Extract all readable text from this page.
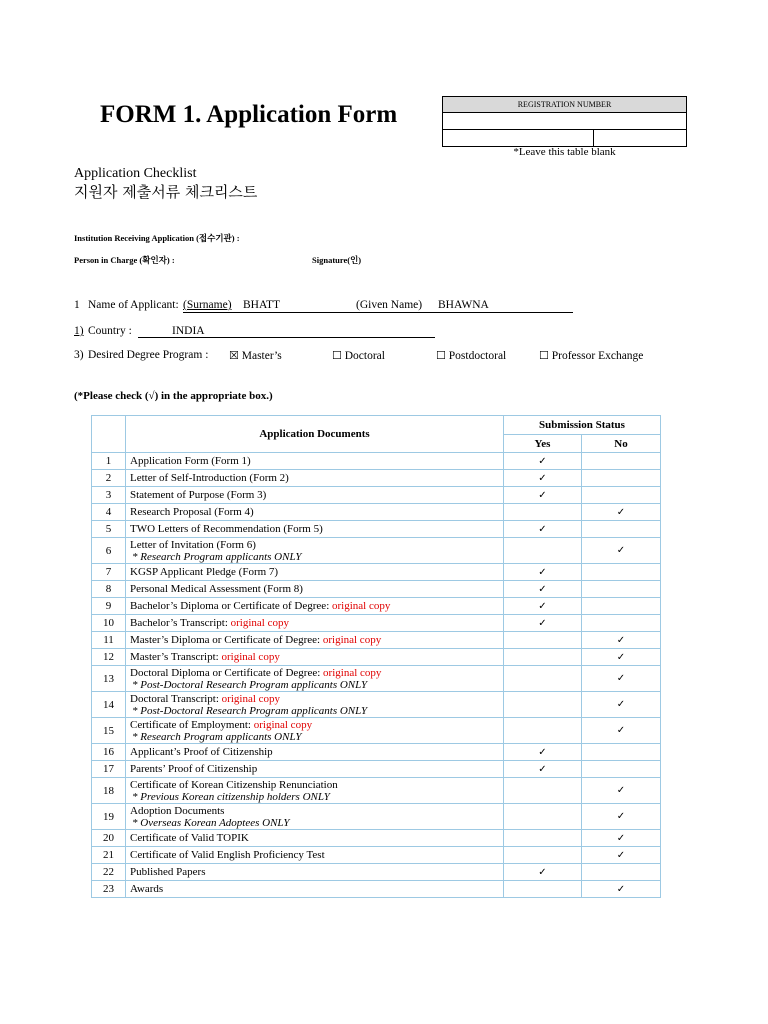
FORM 1. Application Form	REGISTRATION NUMBER

*Leave this table blank
Application Checklist
지원자 제출서류 체크리스트
Institution Receiving Application (접수기관) :
Person in Charge (확인자) :	Signature(인)
1 Name of Applicant: (Surname) BHATT	(Given Name) BHAWNA
1) Country :	INDIA
3) Desired Degree Program : ☒ Master’s	☐ Doctoral	☐ Postdoctoral	☐ Professor Exchange
(*Please check (√) in the appropriate box.)
	Application Documents	Submission Status	
		Yes	No
1	Application Form (Form 1)	✓	
2	Letter of Self-Introduction (Form 2)	✓	
3	Statement of Purpose (Form 3)	✓	
4	Research Proposal (Form 4)		✓
5	TWO Letters of Recommendation (Form 5)	✓	
6	Letter of Invitation (Form 6)
* Research Program applicants ONLY		✓
7	KGSP Applicant Pledge (Form 7)	✓	
8	Personal Medical Assessment (Form 8)	✓	
9	Bachelor’s Diploma or Certificate of Degree: original copy	✓	
10	Bachelor’s Transcript: original copy	✓	
11	Master’s Diploma or Certificate of Degree: original copy		✓
12	Master’s Transcript: original copy		✓
13	Doctoral Diploma or Certificate of Degree: original copy
* Post-Doctoral Research Program applicants ONLY		✓
14	Doctoral Transcript: original copy
* Post-Doctoral Research Program applicants ONLY		✓
15	Certificate of Employment: original copy
* Research Program applicants ONLY		✓
16	Applicant’s Proof of Citizenship	✓	
17	Parents’ Proof of Citizenship	✓	
18	Certificate of Korean Citizenship Renunciation
* Previous Korean citizenship holders ONLY		✓
19	Adoption Documents
* Overseas Korean Adoptees ONLY		✓
20	Certificate of Valid TOPIK		✓
21	Certificate of Valid English Proficiency Test		✓
22	Published Papers	✓	
23	Awards		✓
